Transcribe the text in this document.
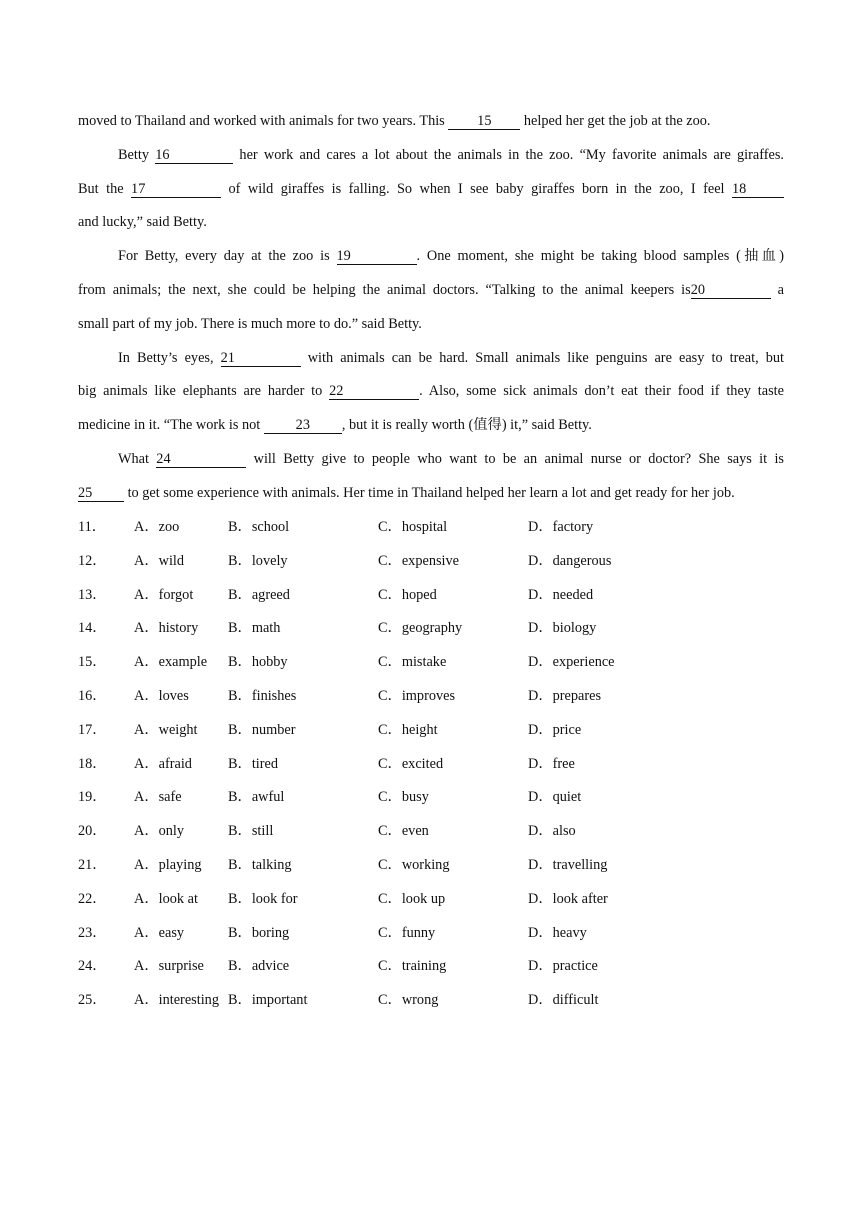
moved to Thailand and worked with animals for two years. This 15 helped her get the job at the zoo.
Betty 16	her work and cares a lot about the animals in the zoo. “My favorite animals are giraffes.
But the 17	of wild giraffes is falling. So when I see baby giraffes born in the zoo, I feel 18
and lucky,” said Betty.
For Betty, every day at the zoo is 19	. One moment, she might be taking blood samples (抽血)
from animals; the next, she could be helping the animal doctors. “Talking to the animal keepers is20	a
small part of my job. There is much more to do.” said Betty.
In Betty’s eyes, 21	with animals can be hard. Small animals like penguins are easy to treat, but
big animals like elephants are harder to 22	. Also, some sick animals don’t eat their food if they taste
medicine in it. “The work is not 23 , but it is really worth (值得) it,” said Betty.
What 24	will Betty give to people who want to be an animal nurse or doctor? She says it is
25 to get some experience with animals. Her time in Thailand helped her learn a lot and get ready for her job.
11． A．zoo	B．school	C．hospital	D．factory
12． A．wild	B．lovely	C．expensive	D．dangerous
13． A．forgot B．agreed	C．hoped	D．needed
14． A．history B．math	C．geography	D．biology
15． A．example B．hobby	C．mistake	D．experience
16． A．loves	B．finishes	C．improves	D．prepares
17． A．weight B．number	C．height	D．price
18． A．afraid	B．tired	C．excited	D．free
19． A．safe	B．awful	C．busy	D．quiet
20． A．only	B．still	C．even	D．also
21． A．playing B．talking	C．working	D．travelling
22． A．look at B．look for	C．look up	D．look after
23． A．easy	B．boring	C．funny	D．heavy
24． A．surprise B．advice	C．training	D．practice
25． A．interesting B．important	C．wrong	D．difficult
